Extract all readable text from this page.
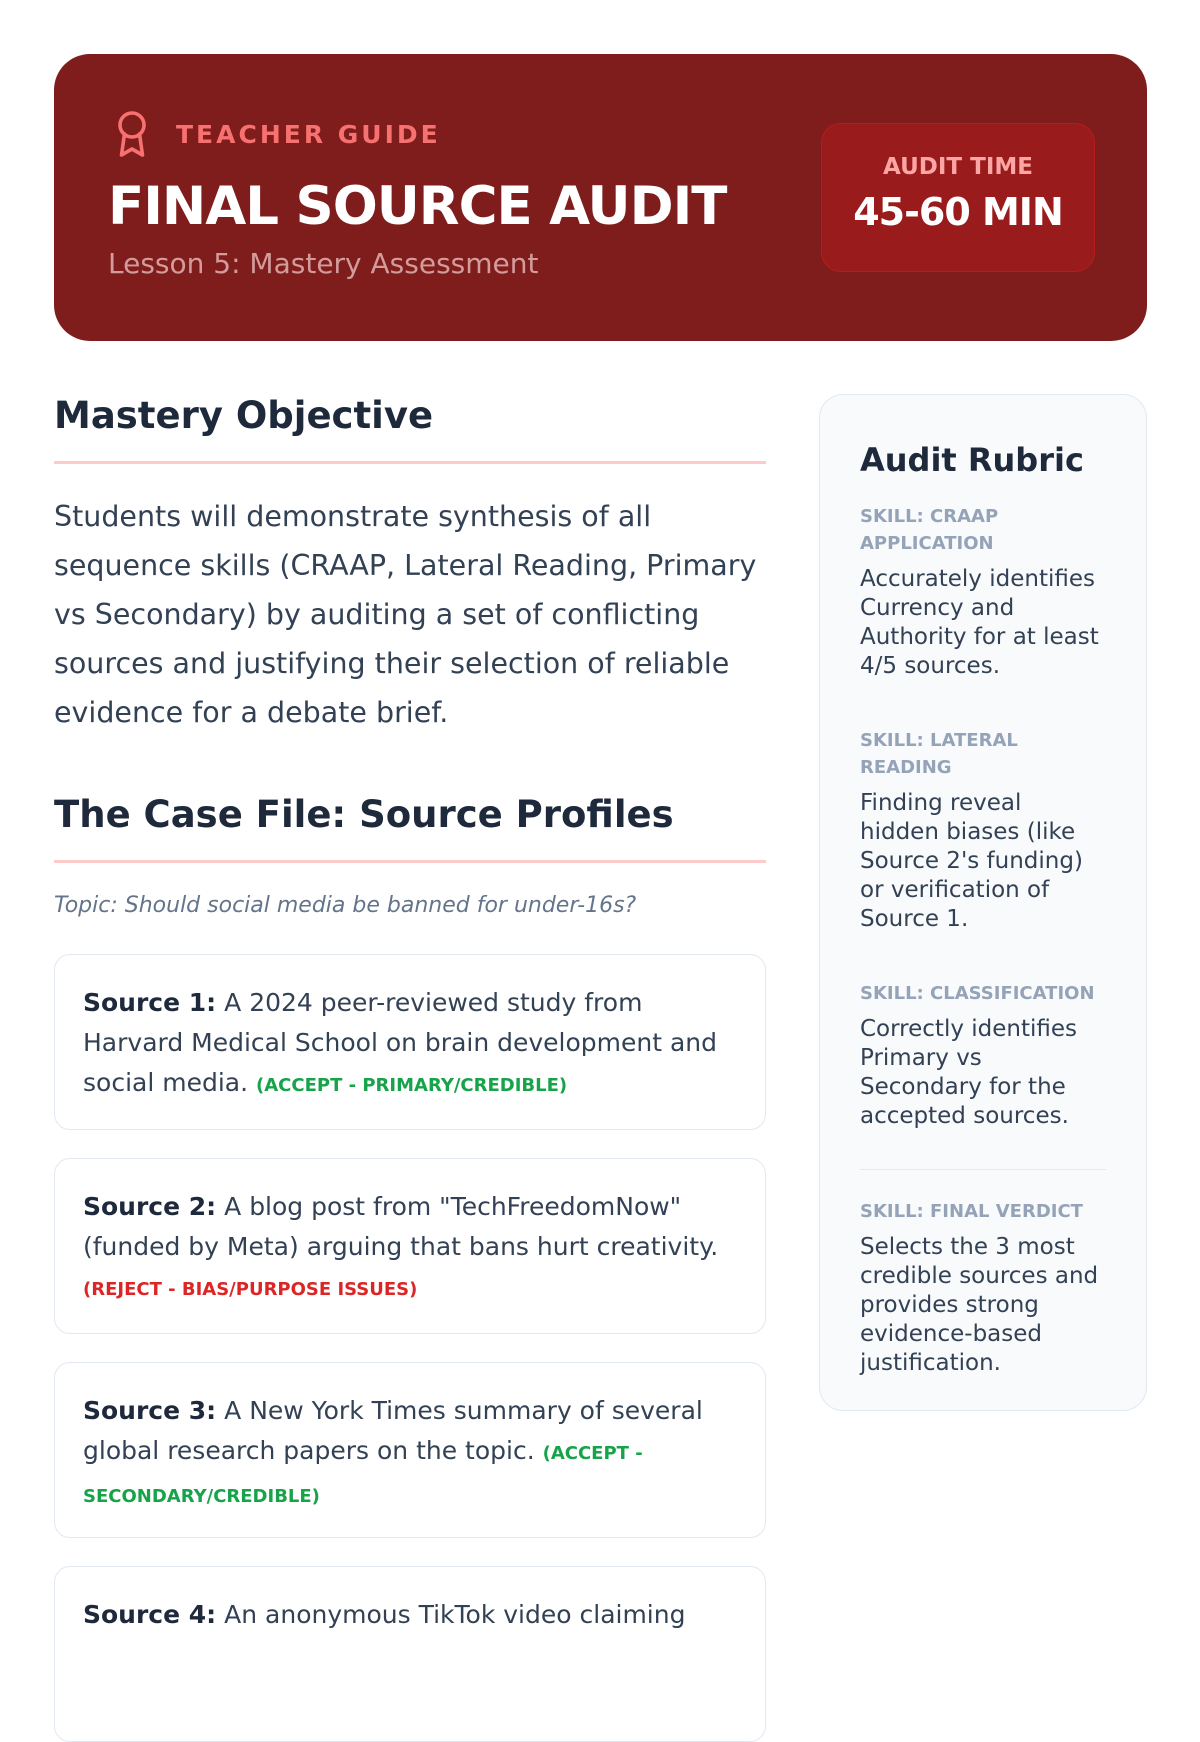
TEACHER GUIDE
FINAL SOURCE AUDIT
Lesson 5: Mastery Assessment
AUDIT TIME
45-60 MIN
Mastery Objective

Students will demonstrate synthesis of all sequence skills (CRAAP, Lateral Reading, Primary vs Secondary) by auditing a set of conflicting sources and justifying their selection of reliable evidence for a debate brief.

The Case File: Source Profiles
Topic: Should social media be banned for under-16s?
Source 1: A 2024 peer-reviewed study from Harvard Medical School on brain development and social media. (ACCEPT - PRIMARY/CREDIBLE)
Source 2: A blog post from "TechFreedomNow" (funded by Meta) arguing that bans hurt creativity.
(REJECT - BIAS/PURPOSE ISSUES)
Source 3: A New York Times summary of several global research papers on the topic. (ACCEPT - SECONDARY/CREDIBLE)
Source 4: An anonymous TikTok video claiming
Audit Rubric
SKILL: CRAAP APPLICATION
Accurately identifies Currency and Authority for at least 4/5 sources.
SKILL: LATERAL READING
Finding reveal hidden biases (like Source 2's funding) or verification of Source 1.
SKILL: CLASSIFICATION
Correctly identifies Primary vs Secondary for the accepted sources.
SKILL: FINAL VERDICT
Selects the 3 most credible sources and provides strong evidence-based justification.
